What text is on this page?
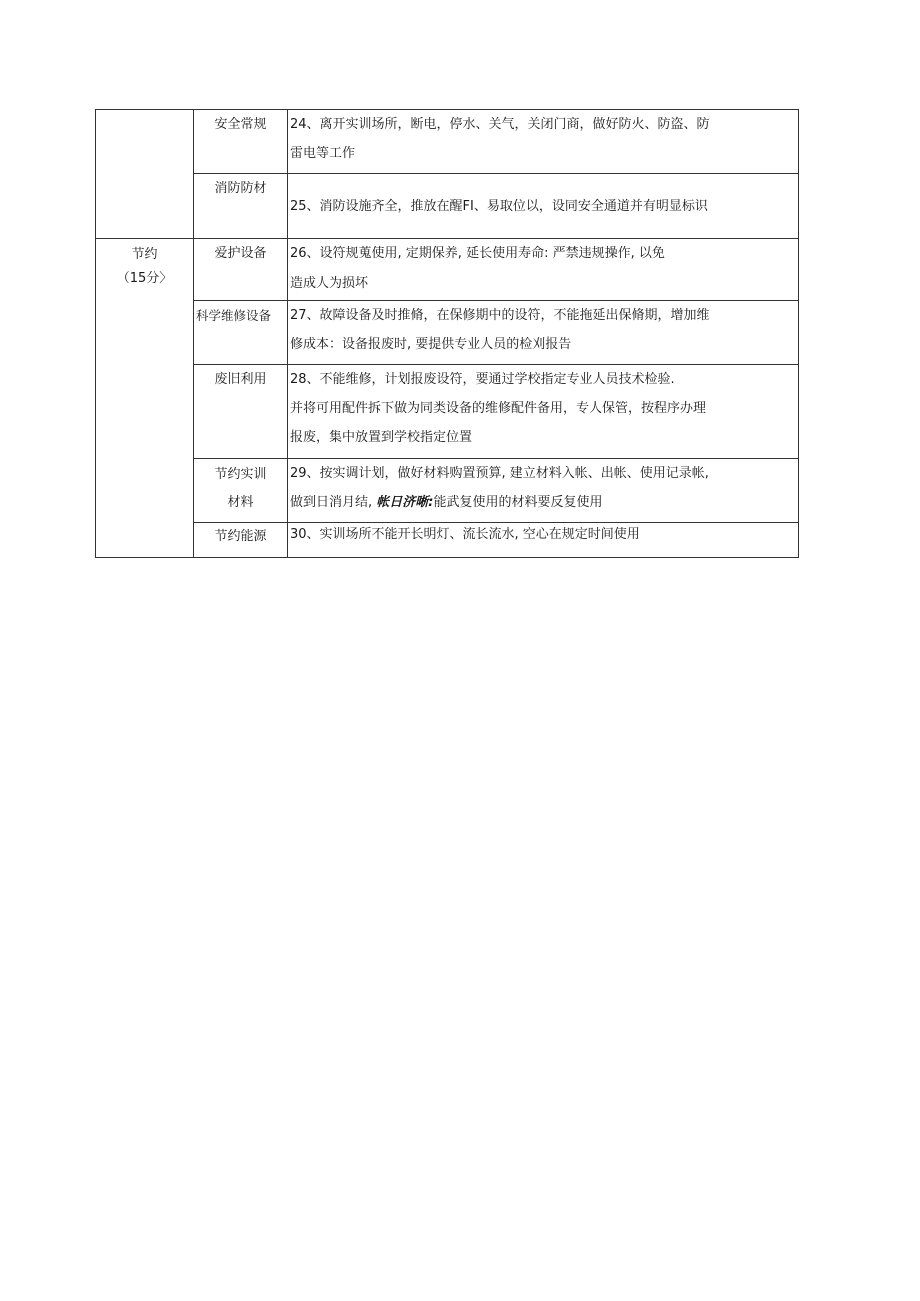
	安全常规	24、离开实训场所，断电，停水、关气，关闭门商，做好防火、防盗、防
雷电等工作

	消防防材	25、消防设施齐全，推放在醒FI、易取位以，设同安全通道并有明显标识

节约
（15分〉	爱护设备	26、设符规蒐使用, 定期保养, 延长使用寿命: 严禁违规操作, 以免
造成人为损坏

	科学维修设备	27、故障设备及时推脩，在保修期中的设符，不能拖延出保脩期，增加维
修成本：设备报废时, 要提供专业人员的检刈报告

	废旧利用	28、不能维修，计划报废设符，要通过学校指定专业人员技术检验.
并将可用配件拆下做为同类设备的维修配件备用，专人保管，按程序办理
报废，集中放置到学校指定位置

	节约实训
材料	29、按实调计划，做好材料购置预算, 建立材料入帐、出帐、使用记录帐,
做到日消月结, 帐日济晰:能武复使用的材料要反复使用

	节约能源	30、实训场所不能开长明灯、流长流水, 空心在规定时间使用
